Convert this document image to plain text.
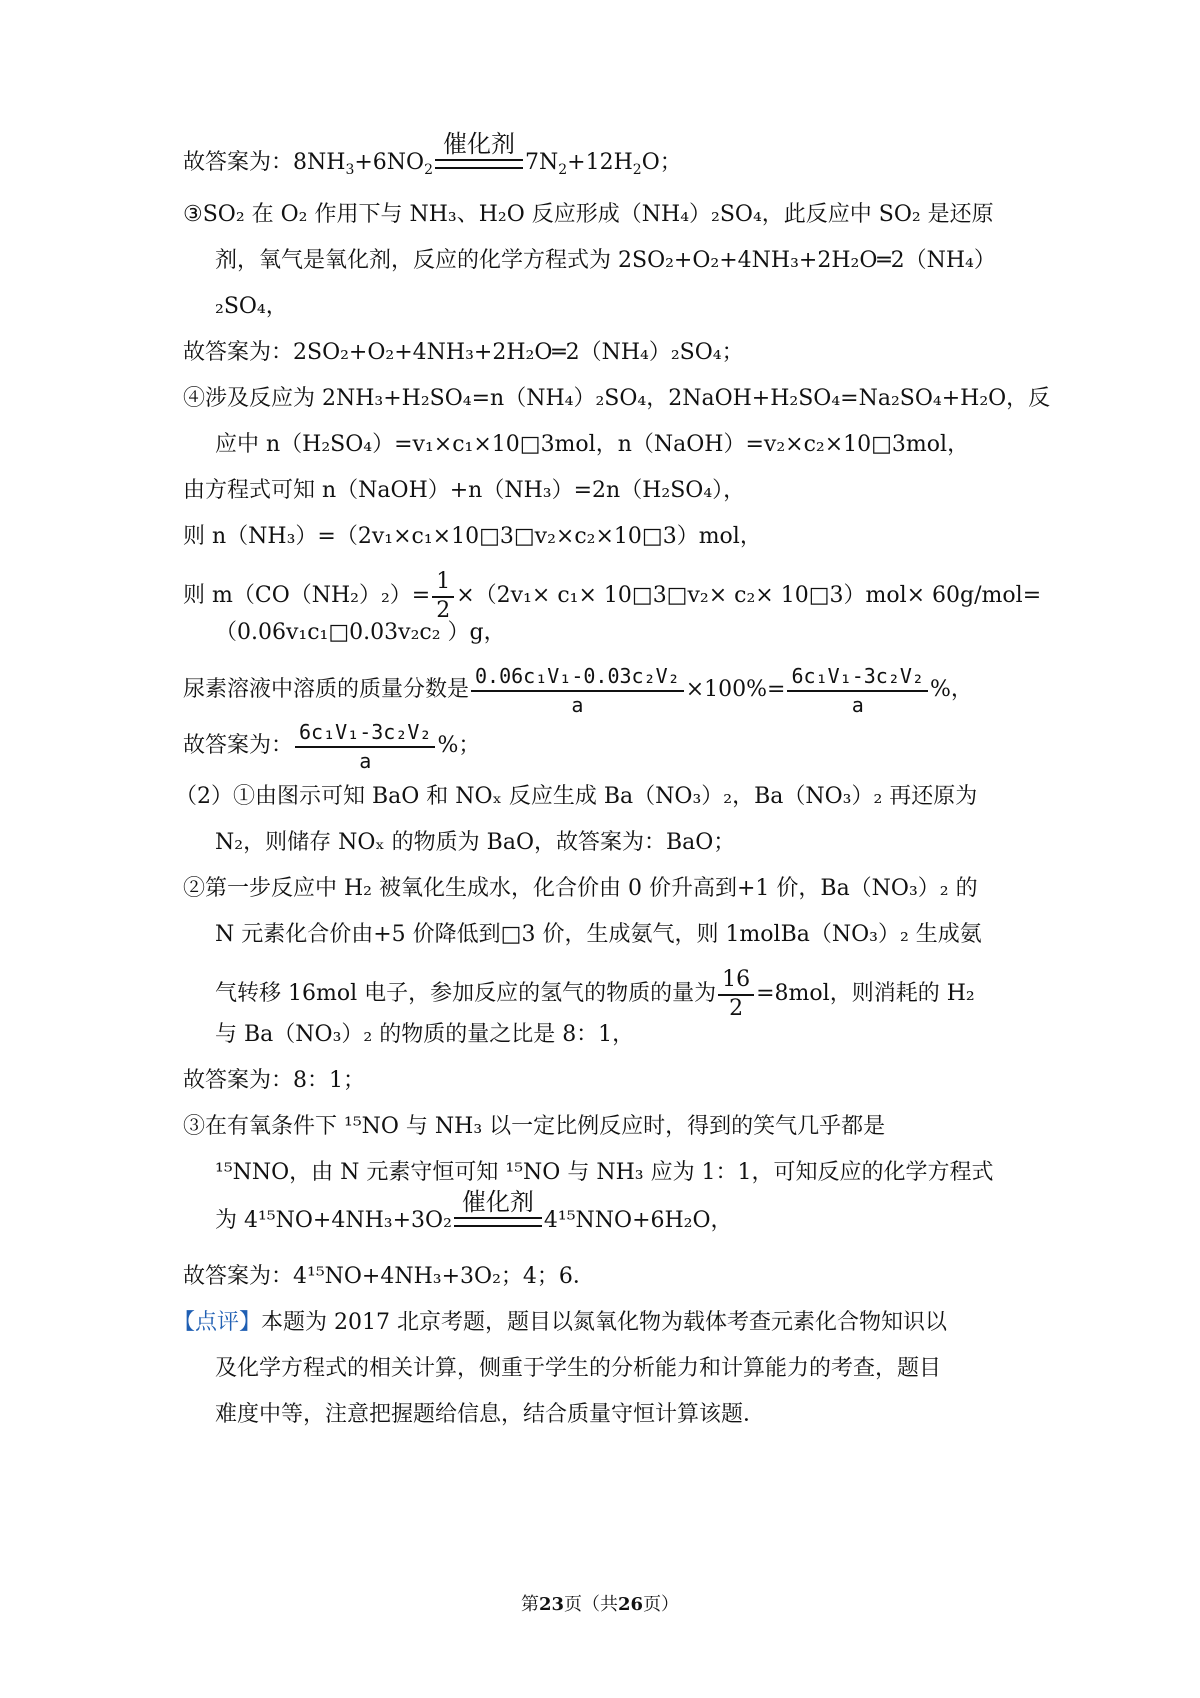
故答案为：$8NH_3+6NO_2$
催化剂
$7N_2+12H_2O$；
③SO₂ 在 O₂ 作用下与 NH₃、H₂O 反应形成（NH₄）₂SO₄，此反应中 SO₂ 是还原
剂，氧气是氧化剂，反应的化学方程式为 2SO₂+O₂+4NH₃+2H₂O═2（NH₄）
₂SO₄，
故答案为：2SO₂+O₂+4NH₃+2H₂O═2（NH₄）₂SO₄；
④涉及反应为 2NH₃+H₂SO₄=n（NH₄）₂SO₄，2NaOH+H₂SO₄=Na₂SO₄+H₂O，反
应中 n（H₂SO₄）=v₁×c₁×10□3mol，n（NaOH）=v₂×c₂×10□3mol，
由方程式可知 n（NaOH）+n（NH₃）=2n（H₂SO₄），
则 n（NH₃）=（2v₁×c₁×10□3□v₂×c₂×10□3）mol，
则 $m(CO(NH_2)_2)= \frac{1}{2} \times(2v_1\times c_1\times$ 10□3□v₂× c₂× 10□3）mol× 60g/mol=
（0.06v₁c₁□0.03v₂c₂ ）g，
尿素溶液中溶质的质量分数是 $\frac{\text{0.06c₁V₁-0.03c₂V₂}}{a} \times 100\%= \frac{\text{6c₁V₁-3c₂V₂}}{a}$ %，
故答案为： $\frac{\text{6c₁V₁-3c₂V₂}}{a}$ %；
（2）①由图示可知 BaO 和 NOₓ 反应生成 Ba（NO₃）₂，Ba（NO₃）₂ 再还原为
N₂，则储存 NOₓ 的物质为 BaO，故答案为：BaO；
②第一步反应中 H₂ 被氧化生成水，化合价由 0 价升高到+1 价，Ba（NO₃）₂ 的
N 元素化合价由+5 价降低到□3 价，生成氨气，则 1molBa（NO₃）₂ 生成氨
气转移 16mol 电子，参加反应的氢气的物质的量为 $\frac{16}{2} =8mol$，则消耗的 H₂
与 Ba（NO₃）₂ 的物质的量之比是 8：1，
故答案为：8：1；
③在有氧条件下 ¹⁵NO 与 NH₃ 以一定比例反应时，得到的笑气几乎都是
¹⁵NNO，由 N 元素守恒可知 ¹⁵NO 与 NH₃ 应为 1：1，可知反应的化学方程式
为 4¹⁵NO+4NH₃+3O₂
催化剂
4¹⁵NNO+6H₂O，
故答案为：4¹⁵NO+4NH₃+3O₂；4；6．
【点评】本题为 2017 北京考题，题目以氮氧化物为载体考查元素化合物知识以
及化学方程式的相关计算，侧重于学生的分析能力和计算能力的考查，题目
难度中等，注意把握题给信息，结合质量守恒计算该题．
第23页（共26页）
